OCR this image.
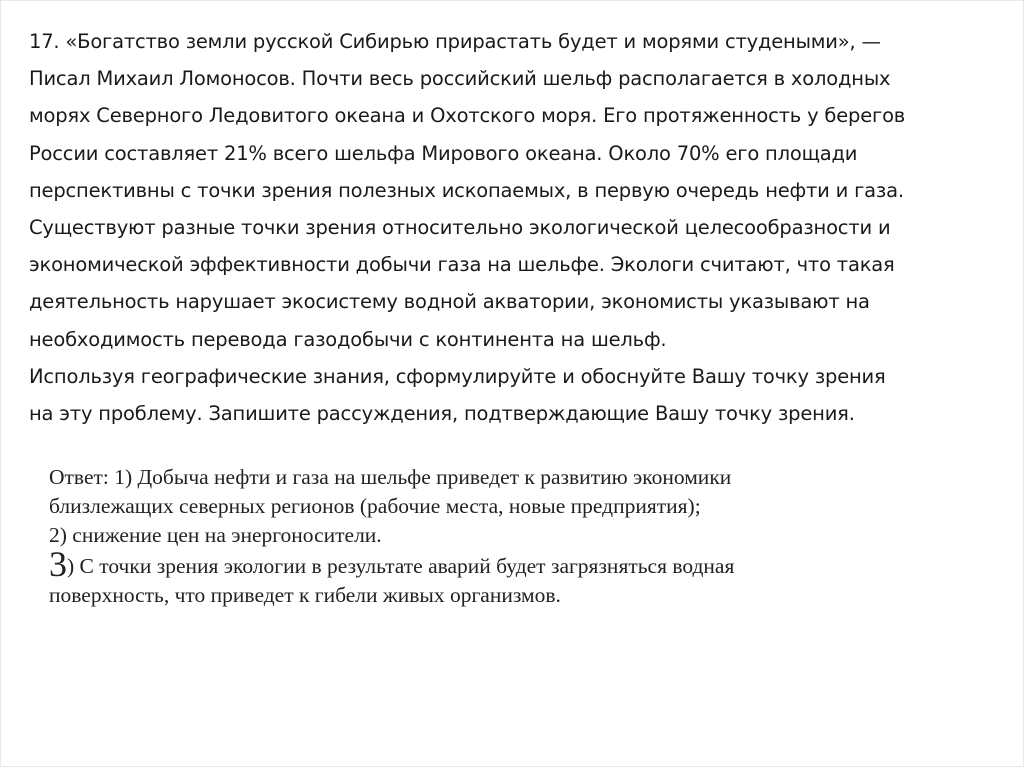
17. «Богатство земли русской Сибирью прирастать будет и морями студеными», —
Писал Михаил Ломоносов. Почти весь российский шельф располагается в холодных
морях Северного Ледовитого океана и Охотского моря. Его протяженность у берегов
России составляет 21% всего шельфа Мирового океана. Около 70% его площади
перспективны с точки зрения полезных ископаемых, в первую очередь нефти и газа.
Существуют разные точки зрения относительно экологической целесообразности и
экономической эффективности добычи газа на шельфе. Экологи считают, что такая
деятельность нарушает экосистему водной акватории, экономисты указывают на
необходимость перевода газодобычи с континента на шельф.
Используя географические знания, сформулируйте и обоснуйте Вашу точку зрения
на эту проблему. Запишите рассуждения, подтверждающие Вашу точку зрения.
Ответ: 1) Добыча нефти и газа на шельфе приведет к развитию экономики
близлежащих северных регионов (рабочие места, новые предприятия);
2) снижение цен на энергоносители.
3) С точки зрения экологии в результате аварий будет загрязняться водная
поверхность, что приведет к гибели живых организмов.
